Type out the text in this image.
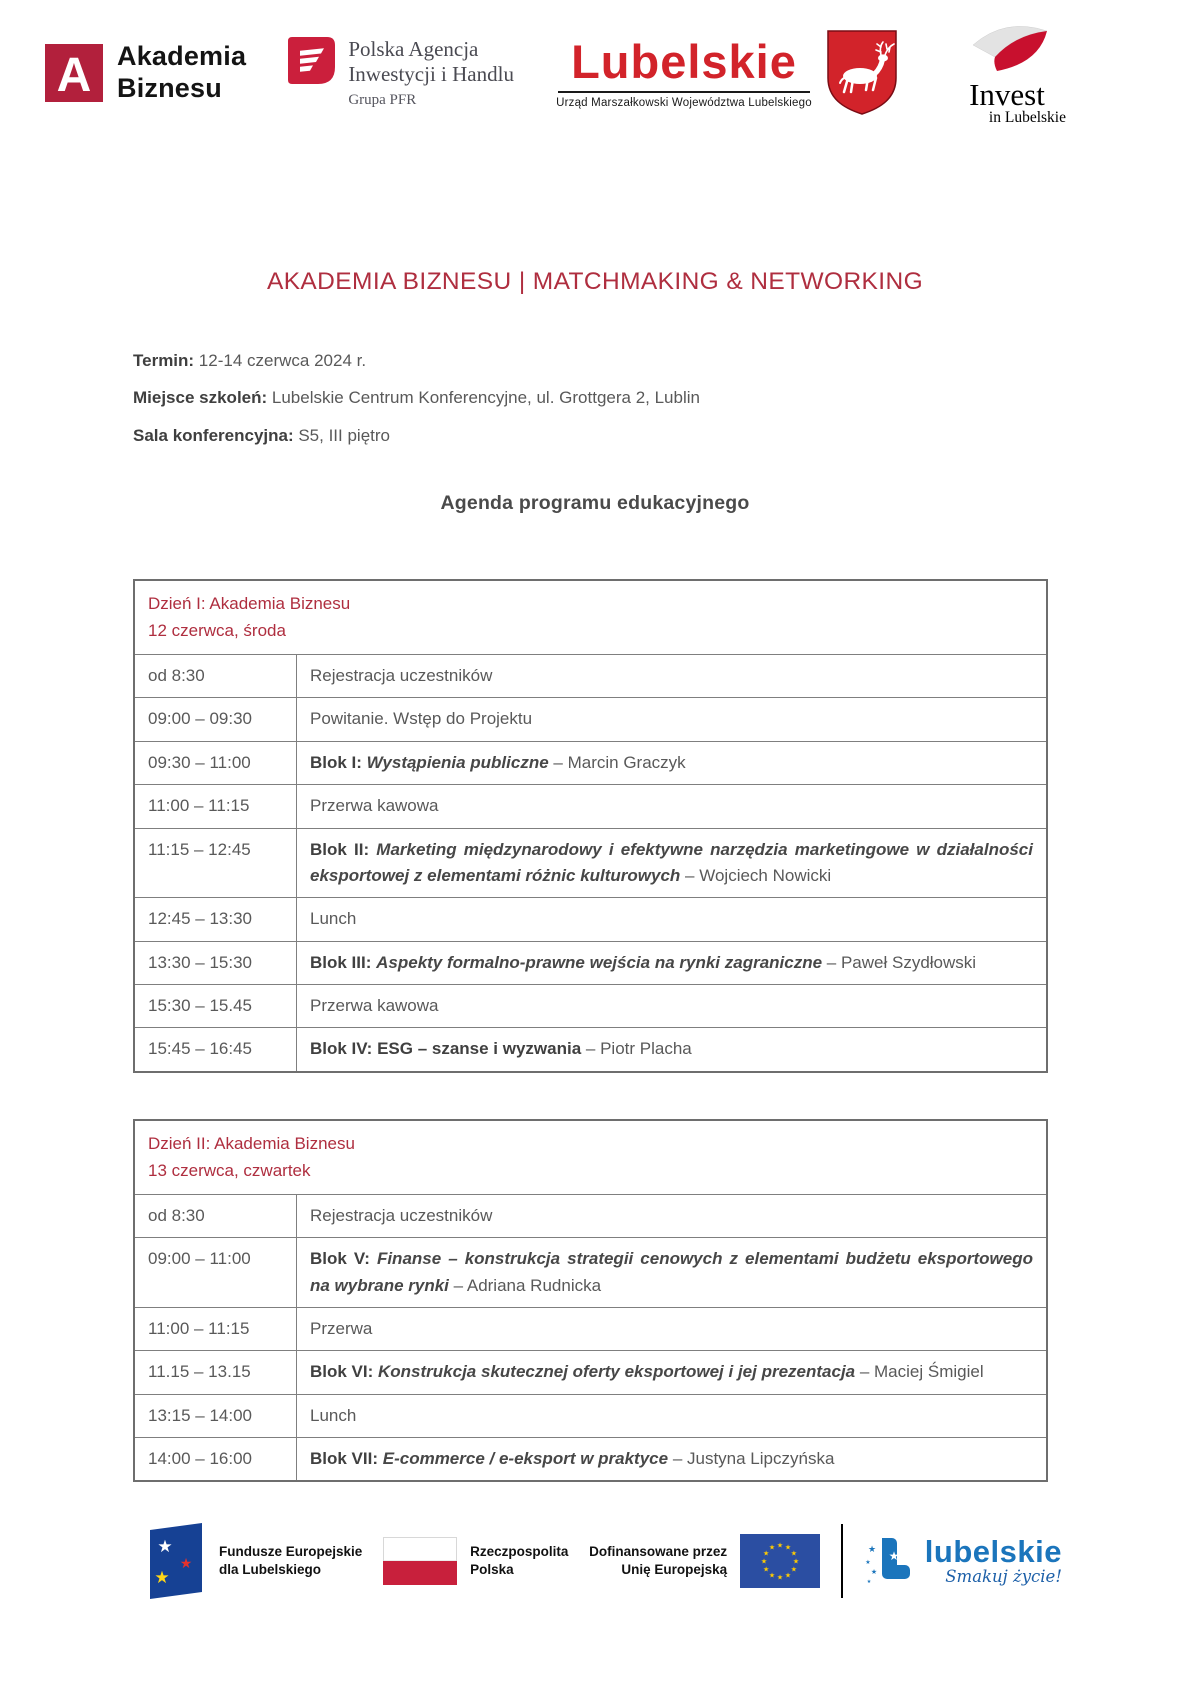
A Akademia
Biznesu
Polska Agencja
Inwestycji i Handlu
Grupa PFR
Lubelskie
Urząd Marszałkowski Województwa Lubelskiego	Invest
in Lubelskie
AKADEMIA BIZNESU | MATCHMAKING & NETWORKING
Termin: 12-14 czerwca 2024 r.
Miejsce szkoleń: Lubelskie Centrum Konferencyjne, ul. Grottgera 2, Lublin
Sala konferencyjna: S5, III piętro
Agenda programu edukacyjnego
Dzień I: Akademia Biznesu
12 czerwca, środa
od 8:30	Rejestracja uczestników
09:00 – 09:30	Powitanie. Wstęp do Projektu
09:30 – 11:00	Blok I: Wystąpienia publiczne – Marcin Graczyk
11:00 – 11:15	Przerwa kawowa
11:15 – 12:45	Blok II: Marketing międzynarodowy i efektywne narzędzia marketingowe w działalności eksportowej z elementami różnic kulturowych – Wojciech Nowicki
12:45 – 13:30	Lunch
13:30 – 15:30	Blok III: Aspekty formalno-prawne wejścia na rynki zagraniczne – Paweł Szydłowski
15:30 – 15.45	Przerwa kawowa
15:45 – 16:45	Blok IV: ESG – szanse i wyzwania – Piotr Placha
Dzień II: Akademia Biznesu
13 czerwca, czwartek
od 8:30	Rejestracja uczestników
09:00 – 11:00	Blok V: Finanse – konstrukcja strategii cenowych z elementami budżetu eksportowego na wybrane rynki – Adriana Rudnicka
11:00 – 11:15	Przerwa
11.15 – 13.15	Blok VI: Konstrukcja skutecznej oferty eksportowej i jej prezentacja – Maciej Śmigiel
13:15 – 14:00	Lunch
14:00 – 16:00	Blok VII: E-commerce / e-eksport w praktyce – Justyna Lipczyńska
★
★
★
Fundusze Europejskie
dla Lubelskiego
Rzeczpospolita
Polska
Dofinansowane przez
Unię Europejską
★ ★
★
★
★
★
★
★
★
★
★
★	★
★
★
★
★ lubelskie
Smakuj życie!
